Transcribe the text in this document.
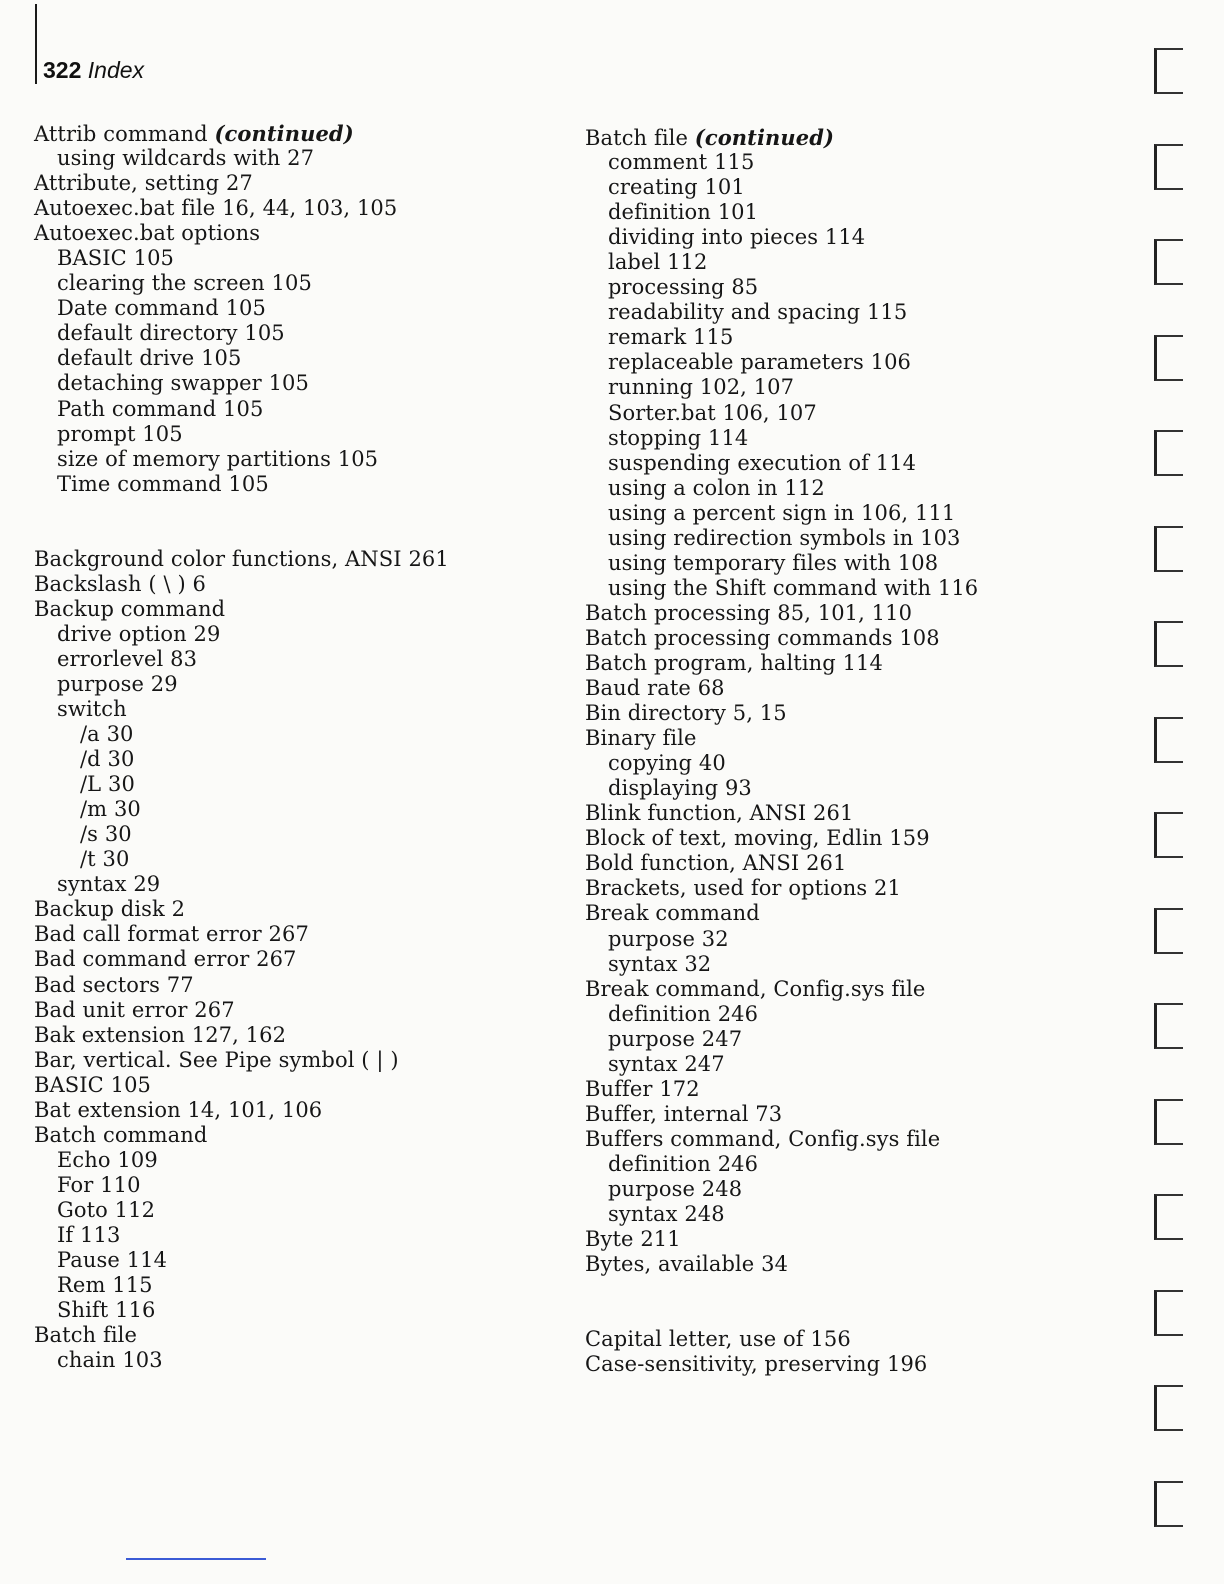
322 Index
Attrib command (continued)
using wildcards with 27
Attribute, setting 27
Autoexec.bat file 16, 44, 103, 105
Autoexec.bat options
BASIC 105
clearing the screen 105
Date command 105
default directory 105
default drive 105
detaching swapper 105
Path command 105
prompt 105
size of memory partitions 105
Time command 105
Background color functions, ANSI 261
Backslash ( \ ) 6
Backup command
drive option 29
errorlevel 83
purpose 29
switch
/a 30
/d 30
/L 30
/m 30
/s 30
/t 30
syntax 29
Backup disk 2
Bad call format error 267
Bad command error 267
Bad sectors 77
Bad unit error 267
Bak extension 127, 162
Bar, vertical. See Pipe symbol ( | )
BASIC 105
Bat extension 14, 101, 106
Batch command
Echo 109
For 110
Goto 112
If 113
Pause 114
Rem 115
Shift 116
Batch file
chain 103
Batch file (continued)
comment 115
creating 101
definition 101
dividing into pieces 114
label 112
processing 85
readability and spacing 115
remark 115
replaceable parameters 106
running 102, 107
Sorter.bat 106, 107
stopping 114
suspending execution of 114
using a colon in 112
using a percent sign in 106, 111
using redirection symbols in 103
using temporary files with 108
using the Shift command with 116
Batch processing 85, 101, 110
Batch processing commands 108
Batch program, halting 114
Baud rate 68
Bin directory 5, 15
Binary file
copying 40
displaying 93
Blink function, ANSI 261
Block of text, moving, Edlin 159
Bold function, ANSI 261
Brackets, used for options 21
Break command
purpose 32
syntax 32
Break command, Config.sys file
definition 246
purpose 247
syntax 247
Buffer 172
Buffer, internal 73
Buffers command, Config.sys file
definition 246
purpose 248
syntax 248
Byte 211
Bytes, available 34
Capital letter, use of 156
Case-sensitivity, preserving 196
